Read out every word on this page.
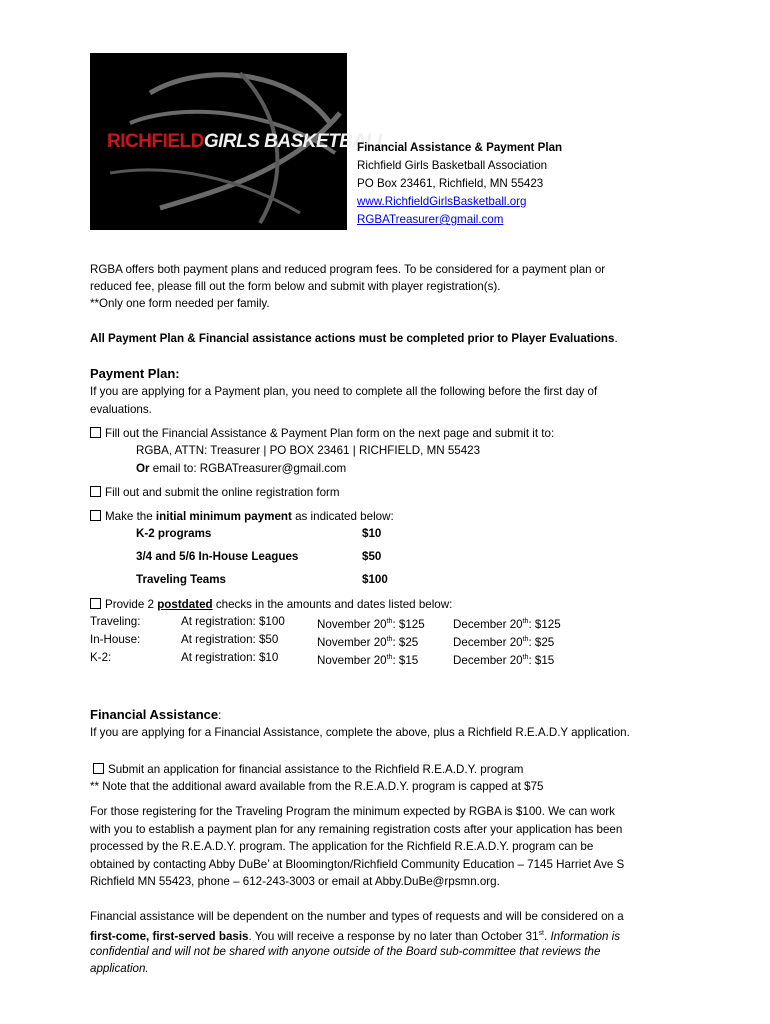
RICHFIELDGIRLS BASKETBALL
Financial Assistance & Payment Plan
Richfield Girls Basketball Association
PO Box 23461, Richfield, MN 55423
www.RichfieldGirlsBasketball.org
RGBATreasurer@gmail.com
RGBA offers both payment plans and reduced program fees. To be considered for a payment plan or
reduced fee, please fill out the form below and submit with player registration(s).
**Only one form needed per family.
All Payment Plan & Financial assistance actions must be completed prior to Player Evaluations.
Payment Plan:
If you are applying for a Payment plan, you need to complete all the following before the first day of
evaluations.
Fill out the Financial Assistance & Payment Plan form on the next page and submit it to:
RGBA, ATTN: Treasurer | PO BOX 23461 | RICHFIELD, MN 55423
Or email to: RGBATreasurer@gmail.com
Fill out and submit the online registration form
Make the initial minimum payment as indicated below:
K-2 programs	$10
3/4 and 5/6 In-House Leagues	$50
Traveling Teams	$100
Provide 2 postdated checks in the amounts and dates listed below:
Traveling:	At registration: $100	November 20th: $125 December 20th: $125
In-House:	At registration: $50	November 20th: $25	December 20th: $25
K-2:	At registration: $10	November 20th: $15	December 20th: $15
Financial Assistance:
If you are applying for a Financial Assistance, complete the above, plus a Richfield R.E.A.D.Y application.
Submit an application for financial assistance to the Richfield R.E.A.D.Y. program
** Note that the additional award available from the R.E.A.D.Y. program is capped at $75
For those registering for the Traveling Program the minimum expected by RGBA is $100. We can work
with you to establish a payment plan for any remaining registration costs after your application has been
processed by the R.E.A.D.Y. program. The application for the Richfield R.E.A.D.Y. program can be
obtained by contacting Abby DuBe’ at Bloomington/Richfield Community Education – 7145 Harriet Ave S
Richfield MN 55423, phone – 612-243-3003 or email at Abby.DuBe@rpsmn.org.
Financial assistance will be dependent on the number and types of requests and will be considered on a
first-come, first-served basis. You will receive a response by no later than October 31st. Information is
confidential and will not be shared with anyone outside of the Board sub-committee that reviews the
application.
